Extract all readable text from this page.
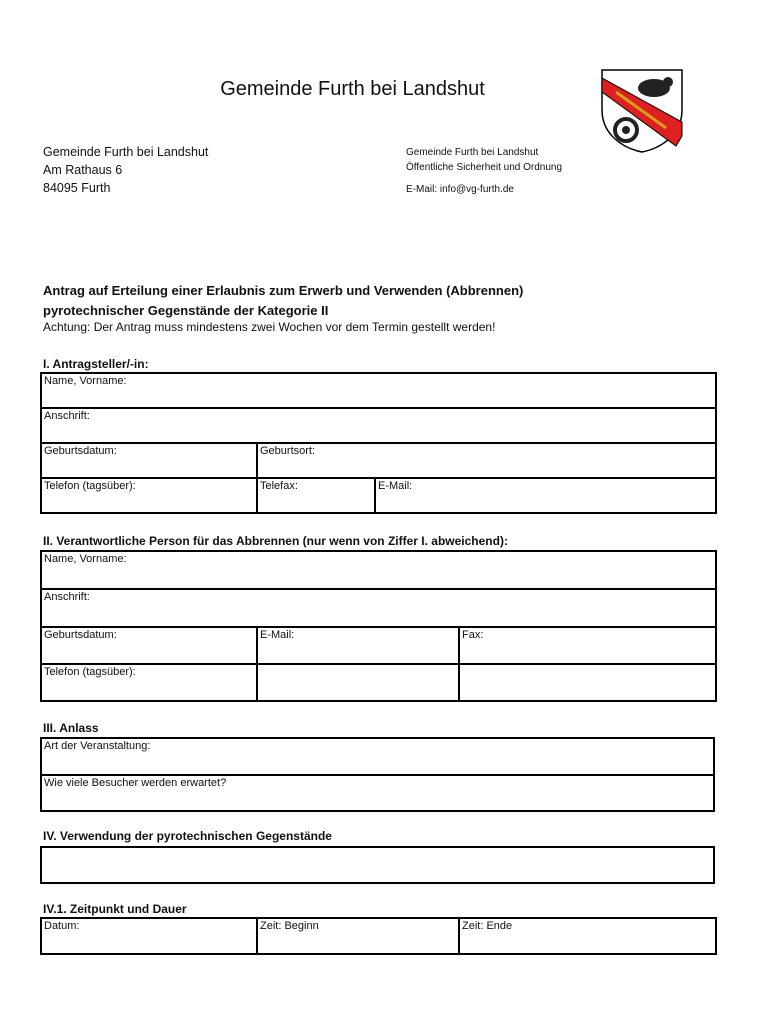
Gemeinde Furth bei Landshut
Gemeinde Furth bei Landshut
Am Rathaus 6
84095 Furth
Gemeinde Furth bei Landshut
Öffentliche Sicherheit und Ordnung
E-Mail: info@vg-furth.de
Antrag auf Erteilung einer Erlaubnis zum Erwerb und Verwenden (Abbrennen)
pyrotechnischer Gegenstände der Kategorie II
Achtung: Der Antrag muss mindestens zwei Wochen vor dem Termin gestellt werden!
I. Antragsteller/-in:
Name, Vorname:		

Anschrift:		

Geburtsdatum:	Geburtsort:	

Telefon (tagsüber):	Telefax:	E-Mail:
II. Verantwortliche Person für das Abbrennen (nur wenn von Ziffer I. abweichend):
Name, Vorname:		

Anschrift:		

Geburtsdatum:	E-Mail:	Fax:

Telefon (tagsüber):		

III. Anlass
Art der Veranstaltung:

Wie viele Besucher werden erwartet?
IV. Verwendung der pyrotechnischen Gegenstände
IV.1. Zeitpunkt und Dauer
Datum:	Zeit: Beginn	Zeit: Ende
